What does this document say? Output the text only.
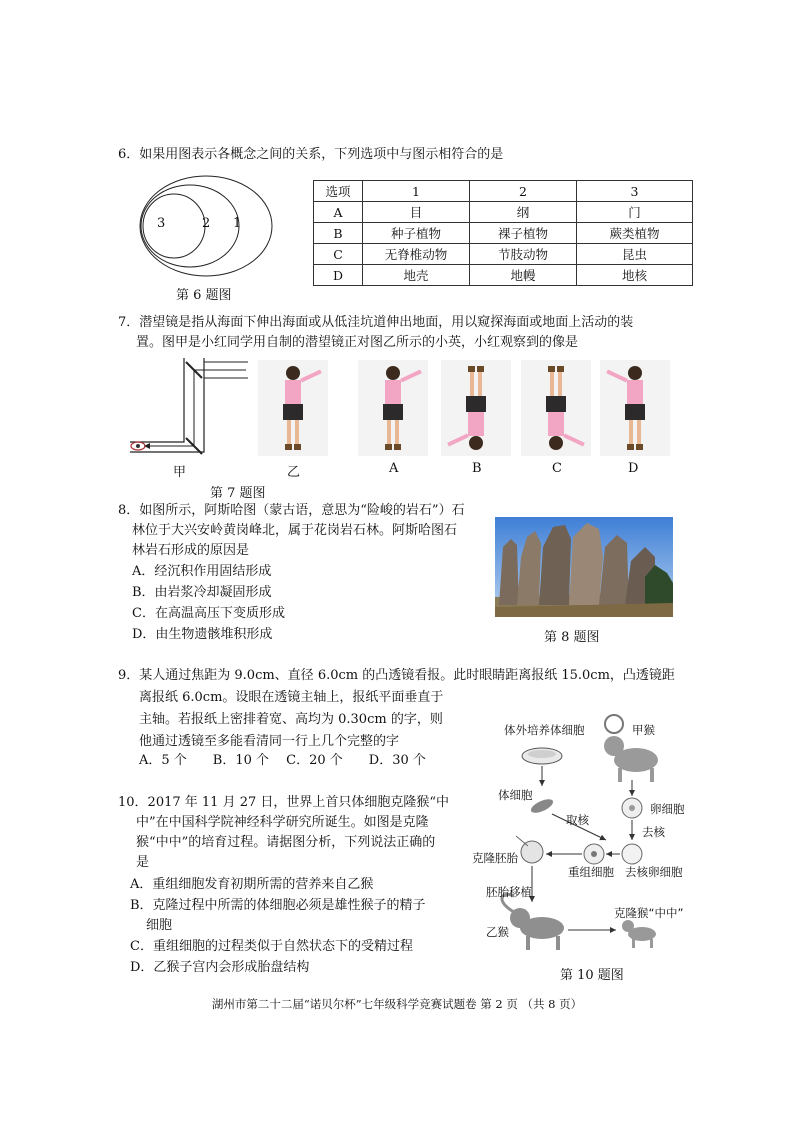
6．如果用图表示各概念之间的关系，下列选项中与图示相符合的是
3	2 1
第 6 题图
选项	1	2	3
A	目	纲	门
B	种子植物	裸子植物	蕨类植物
C	无脊椎动物	节肢动物	昆虫
D	地壳	地幔	地核
7．潜望镜是指从海面下伸出海面或从低洼坑道伸出地面，用以窥探海面或地面上活动的装
置。图甲是小红同学用自制的潜望镜正对图乙所示的小英，小红观察到的像是
甲	乙	A	B	C	D
第 7 题图
8．如图所示，阿斯哈图（蒙古语，意思为“险峻的岩石”）石
林位于大兴安岭黄岗峰北，属于花岗岩石林。阿斯哈图石
林岩石形成的原因是
A．经沉积作用固结形成
B．由岩浆冷却凝固形成
C．在高温高压下变质形成
D．由生物遗骸堆积形成	第 8 题图
9．某人通过焦距为 9.0cm、直径 6.0cm 的凸透镜看报。此时眼睛距离报纸 15.0cm，凸透镜距
离报纸 6.0cm。设眼在透镜主轴上，报纸平面垂直于
主轴。若报纸上密排着宽、高均为 0.30cm 的字，则
他通过透镜至多能看清同一行上几个完整的字
A．5 个　　B．10 个　 C．20 个　　D．30 个
10．2017 年 11 月 27 日，世界上首只体细胞克隆猴“中
中”在中国科学院神经科学研究所诞生。如图是克隆
猴“中中”的培育过程。请据图分析，下列说法正确的
是
A．重组细胞发育初期所需的营养来自乙猴
B．克隆过程中所需的体细胞必须是雄性猴子的精子
细胞
C．重组细胞的过程类似于自然状态下的受精过程
D．乙猴子宫内会形成胎盘结构
体外培养体细胞	甲猴
体细胞
卵细胞
取核
去核
克隆胚胎
重组细胞 去核卵细胞
胚胎移植
乙猴
克隆猴“中中”
第 10 题图
湖州市第二十二届“诺贝尔杯”七年级科学竞赛试题卷 第 2 页 （共 8 页）
